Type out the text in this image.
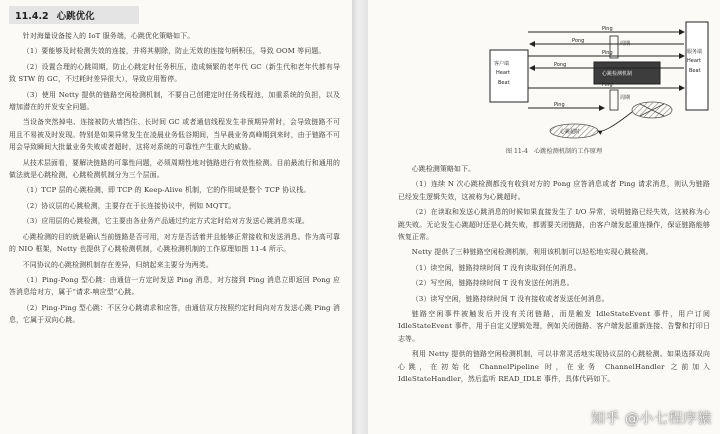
11.4.2 心跳优化

针对海量设备接入的 IoT 服务端，心跳优化策略如下。

（1）要能够及时检测失效的连接，并将其剔除，防止无效的连接句柄积压，导致 OOM 等问题。

（2）设置合理的心跳周期，防止心跳定时任务积压，造成频繁的老年代 GC（新生代和老年代都有导致 STW 的 GC，不过耗时差异很大），导致应用暂停。

（3）使用 Netty 提供的链路空闲检测机制，不要自己创建定时任务线程池，加重系统的负担，以及增加潜在的并发安全问题。

当设备突然掉电、连接被防火墙挡住、长时间 GC 或者通信线程发生非预期异常时，会导致链路不可用且不易被及时发现。特别是如果异常发生在凌晨业务低谷期间，当早晨业务高峰期到来时，由于链路不可用会导致瞬间大批量业务失败或者超时，这将对系统的可靠性产生重大的威胁。

从技术层面看，要解决链路的可靠性问题，必须周期性地对链路进行有效性检测。目前最流行和通用的做法就是心跳检测，心跳检测机制分为三个层面。

（1）TCP 层的心跳检测，即 TCP 的 Keep-Alive 机制，它的作用域是整个 TCP 协议栈。

（2）协议层的心跳检测，主要存在于长连接协议中，例如 MQTT。

（3）应用层的心跳检测，它主要由各业务产品通过约定方式定时给对方发送心跳消息实现。

心跳检测的目的就是确认当前链路是否可用，对方是否活着并且能够正常接收和发送消息。作为高可靠的 NIO 框架，Netty 也提供了心跳检测机制，心跳检测机制的工作原理如图 11-4 所示。

不同协议的心跳检测机制存在差异，归纳起来主要分为两类。

（1）Ping-Pong 型心跳：由通信一方定时发送 Ping 消息，对方接到 Ping 消息立即返回 Pong 应答消息给对方，属于“请求-响应型”心跳。

（2）Ping-Ping 型心跳：不区分心跳请求和应答，由通信双方按照约定时间向对方发送心跳 Ping 消息，它属于双向心跳。

Ping
Pong	周期
Ping
客户端
Heart
Beat
Pong
心跳检测机制
服务端
Heart
Beat
Ping
周期
Ping
心跳超时
图 11-4　心跳检测机制的工作原理

心跳检测策略如下。

（1）连续 N 次心跳检测都没有收到对方的 Pong 应答消息或者 Ping 请求消息，则认为链路已经发生逻辑失效，这被称为心跳超时。

（2）在读取和发送心跳消息的时候如果直接发生了 I/O 异常，说明链路已经失效，这被称为心跳失败。无论发生心跳超时还是心跳失败，都需要关闭链路，由客户端发起重连操作，保证链路能够恢复正常。

Netty 提供了三种链路空闲检测机制，利用该机制可以轻松地实现心跳检测。

（1）读空闲，链路持续时间 T 没有读取到任何消息。

（2）写空闲，链路持续时间 T 没有发送任何消息。

（3）读写空闲，链路持续时间 T 没有接收或者发送任何消息。

链路空闲事件被触发后并没有关闭链路，而是触发 IdleStateEvent 事件，用户订阅 IdleStateEvent 事件，用于自定义逻辑处理，例如关闭链路、客户端发起重新连接、告警和打印日志等。

利用 Netty 提供的链路空闲检测机制，可以非常灵活地实现协议层的心跳检测。如果选择双向心跳，在初始化 ChannelPipeline 时，在业务 ChannelHandler 之前加入 IdleStateHandler，然后监听 READ_IDLE 事件，具体代码如下。

知乎 @小七程序猿
